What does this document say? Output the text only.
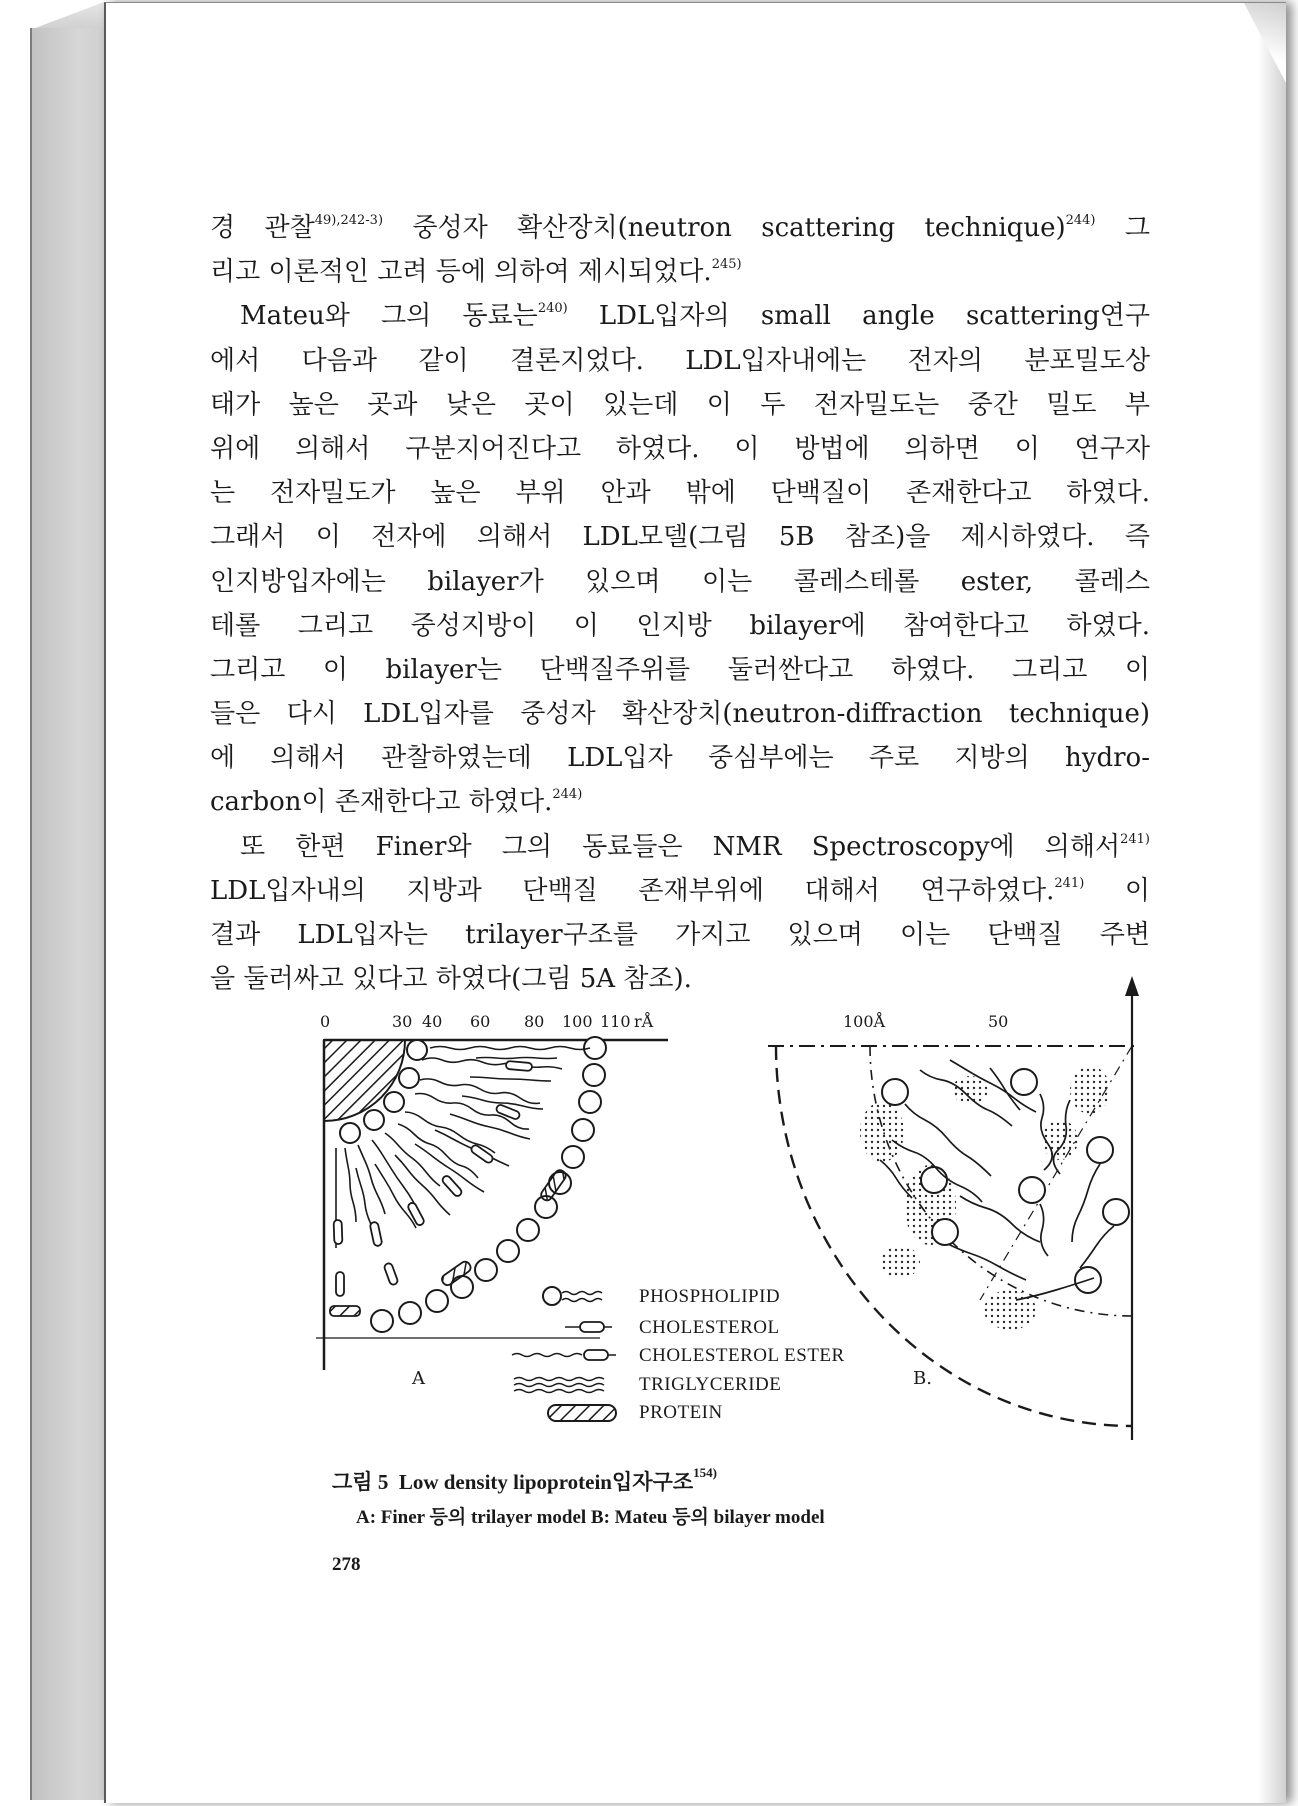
경 관찰$^{49),242-3)}$ 중성자 확산장치(neutron scattering technique)$^{244)}$ 그
리고 이론적인 고려 등에 의하여 제시되었다.$^{245)}$
Mateu와 그의 동료는$^{240)}$ LDL입자의 small angle scattering연구
에서 다음과 같이 결론지었다. LDL입자내에는 전자의 분포밀도상
태가 높은 곳과 낮은 곳이 있는데 이 두 전자밀도는 중간 밀도 부
위에 의해서 구분지어진다고 하였다. 이 방법에 의하면 이 연구자
는 전자밀도가 높은 부위 안과 밖에 단백질이 존재한다고 하였다.
그래서 이 전자에 의해서 LDL모델(그림 5B 참조)을 제시하였다. 즉
인지방입자에는 bilayer가 있으며 이는 콜레스테롤 ester, 콜레스
테롤 그리고 중성지방이 이 인지방 bilayer에 참여한다고 하였다.
그리고 이 bilayer는 단백질주위를 둘러싼다고 하였다. 그리고 이
들은 다시 LDL입자를 중성자 확산장치(neutron-diffraction technique)
에 의해서 관찰하였는데 LDL입자 중심부에는 주로 지방의 hydro-
carbon이 존재한다고 하였다.$^{244)}$
또 한편 Finer와 그의 동료들은 NMR Spectroscopy에 의해서$^{241)}$
LDL입자내의 지방과 단백질 존재부위에 대해서 연구하였다.$^{241)}$ 이
결과 LDL입자는 trilayer구조를 가지고 있으며 이는 단백질 주변
을 둘러싸고 있다고 하였다(그림 5A 참조).
0	30 40 60 80 100 110 rÅ
A
100Å	50
B.
PHOSPHOLIPID
CHOLESTEROL
CHOLESTEROL ESTER
TRIGLYCERIDE
PROTEIN
그림 5 Low density lipoprotein입자구조$^{154)}$
A: Finer 등의 trilayer model B: Mateu 등의 bilayer model
278
